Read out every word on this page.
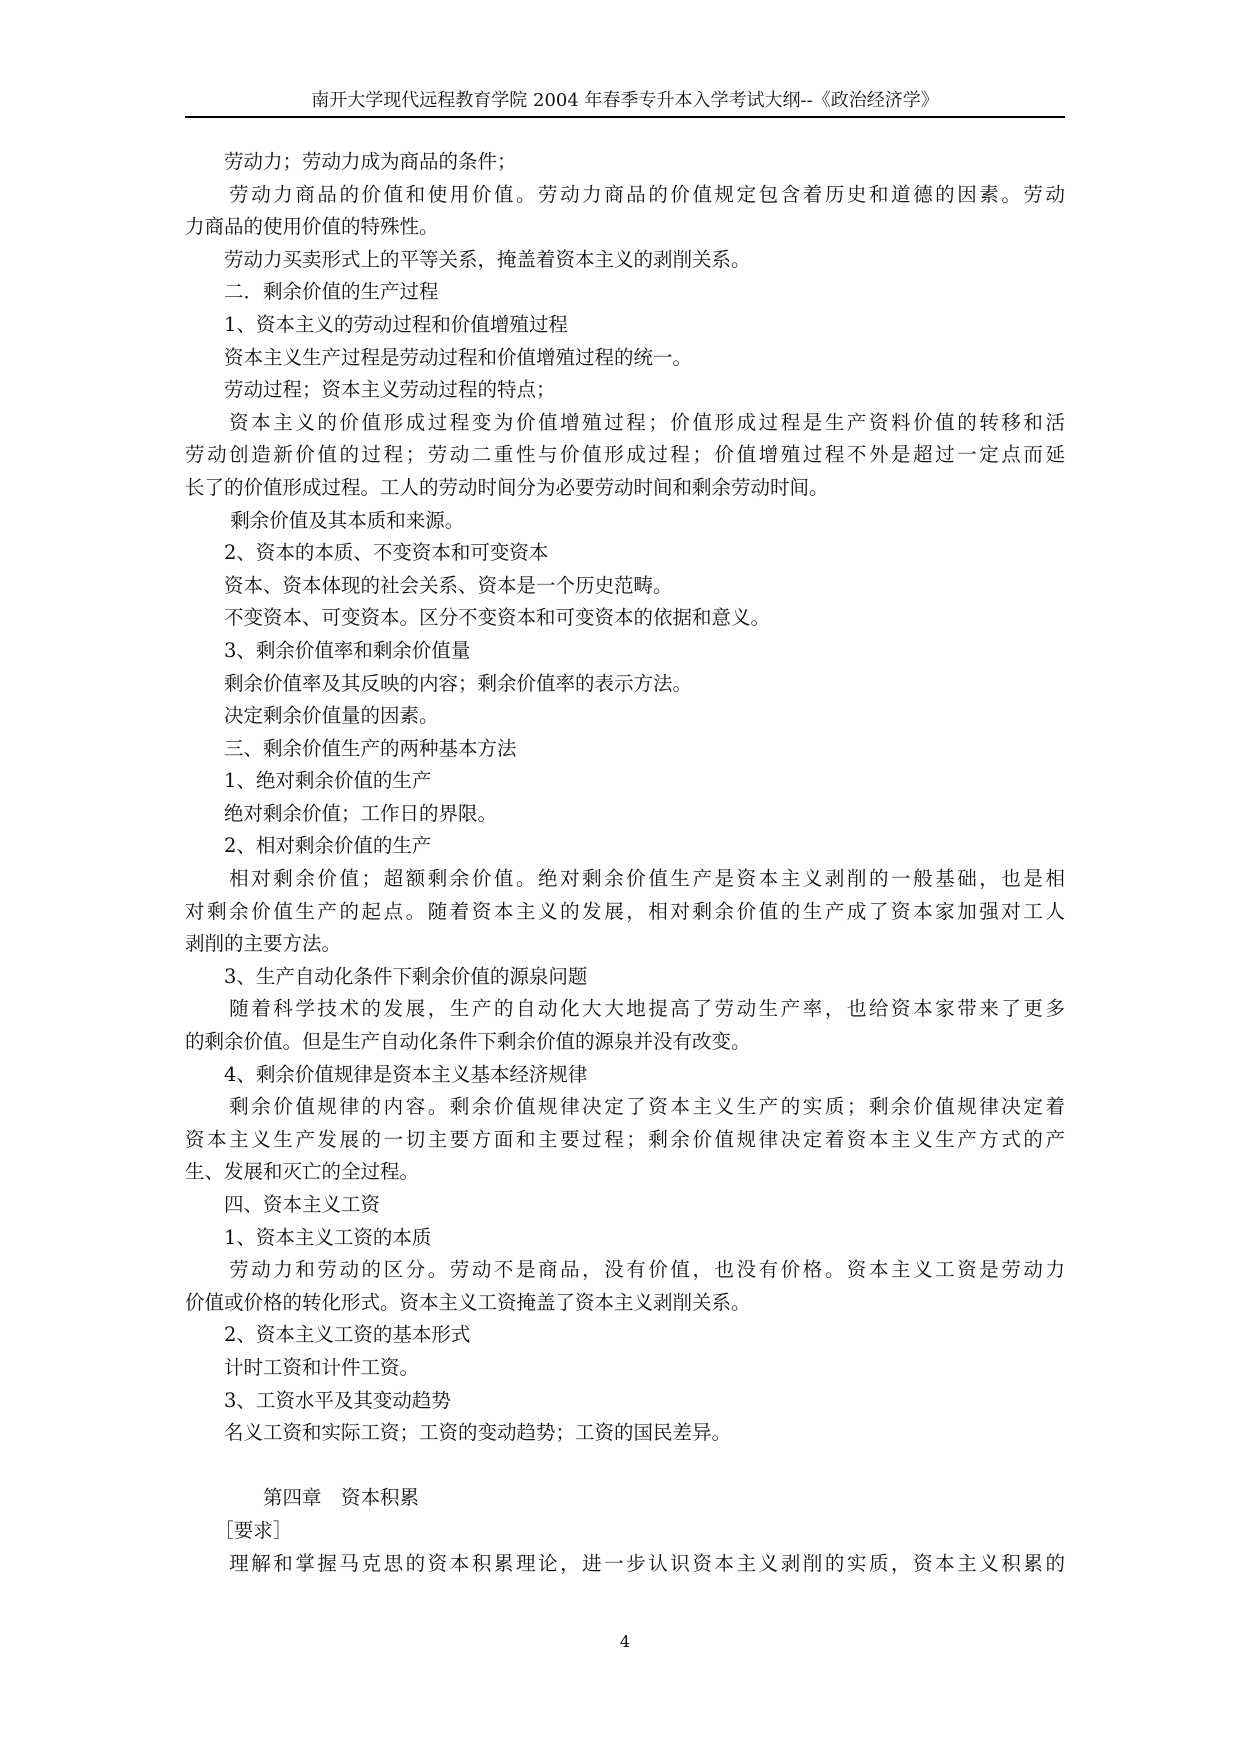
南开大学现代远程教育学院 2004 年春季专升本入学考试大纲--《政治经济学》
　　劳动力；劳动力成为商品的条件；
　　劳动力商品的价值和使用价值。劳动力商品的价值规定包含着历史和道德的因素。劳动
力商品的使用价值的特殊性。
　　劳动力买卖形式上的平等关系，掩盖着资本主义的剥削关系。
　　二．剩余价值的生产过程
　　1、资本主义的劳动过程和价值增殖过程
　　资本主义生产过程是劳动过程和价值增殖过程的统一。
　　劳动过程；资本主义劳动过程的特点；
　　资本主义的价值形成过程变为价值增殖过程；价值形成过程是生产资料价值的转移和活
劳动创造新价值的过程；劳动二重性与价值形成过程；价值增殖过程不外是超过一定点而延
长了的价值形成过程。工人的劳动时间分为必要劳动时间和剩余劳动时间。
　　 剩余价值及其本质和来源。
　　2、资本的本质、不变资本和可变资本
　　资本、资本体现的社会关系、资本是一个历史范畴。
　　不变资本、可变资本。区分不变资本和可变资本的依据和意义。
　　3、剩余价值率和剩余价值量
　　剩余价值率及其反映的内容；剩余价值率的表示方法。
　　决定剩余价值量的因素。
　　三、剩余价值生产的两种基本方法
　　1、绝对剩余价值的生产
　　绝对剩余价值；工作日的界限。
　　2、相对剩余价值的生产
　　相对剩余价值；超额剩余价值。绝对剩余价值生产是资本主义剥削的一般基础，也是相
对剩余价值生产的起点。随着资本主义的发展，相对剩余价值的生产成了资本家加强对工人
剥削的主要方法。
　　3、生产自动化条件下剩余价值的源泉问题
　　随着科学技术的发展，生产的自动化大大地提高了劳动生产率，也给资本家带来了更多
的剩余价值。但是生产自动化条件下剩余价值的源泉并没有改变。
　　4、剩余价值规律是资本主义基本经济规律
　　剩余价值规律的内容。剩余价值规律决定了资本主义生产的实质；剩余价值规律决定着
资本主义生产发展的一切主要方面和主要过程；剩余价值规律决定着资本主义生产方式的产
生、发展和灭亡的全过程。
　　四、资本主义工资
　　1、资本主义工资的本质
　　劳动力和劳动的区分。劳动不是商品，没有价值，也没有价格。资本主义工资是劳动力
价值或价格的转化形式。资本主义工资掩盖了资本主义剥削关系。
　　2、资本主义工资的基本形式
　　计时工资和计件工资。
　　3、工资水平及其变动趋势
　　名义工资和实际工资；工资的变动趋势；工资的国民差异。
　　　　第四章　资本积累
　　［要求］
　　理解和掌握马克思的资本积累理论，进一步认识资本主义剥削的实质，资本主义积累的
4
